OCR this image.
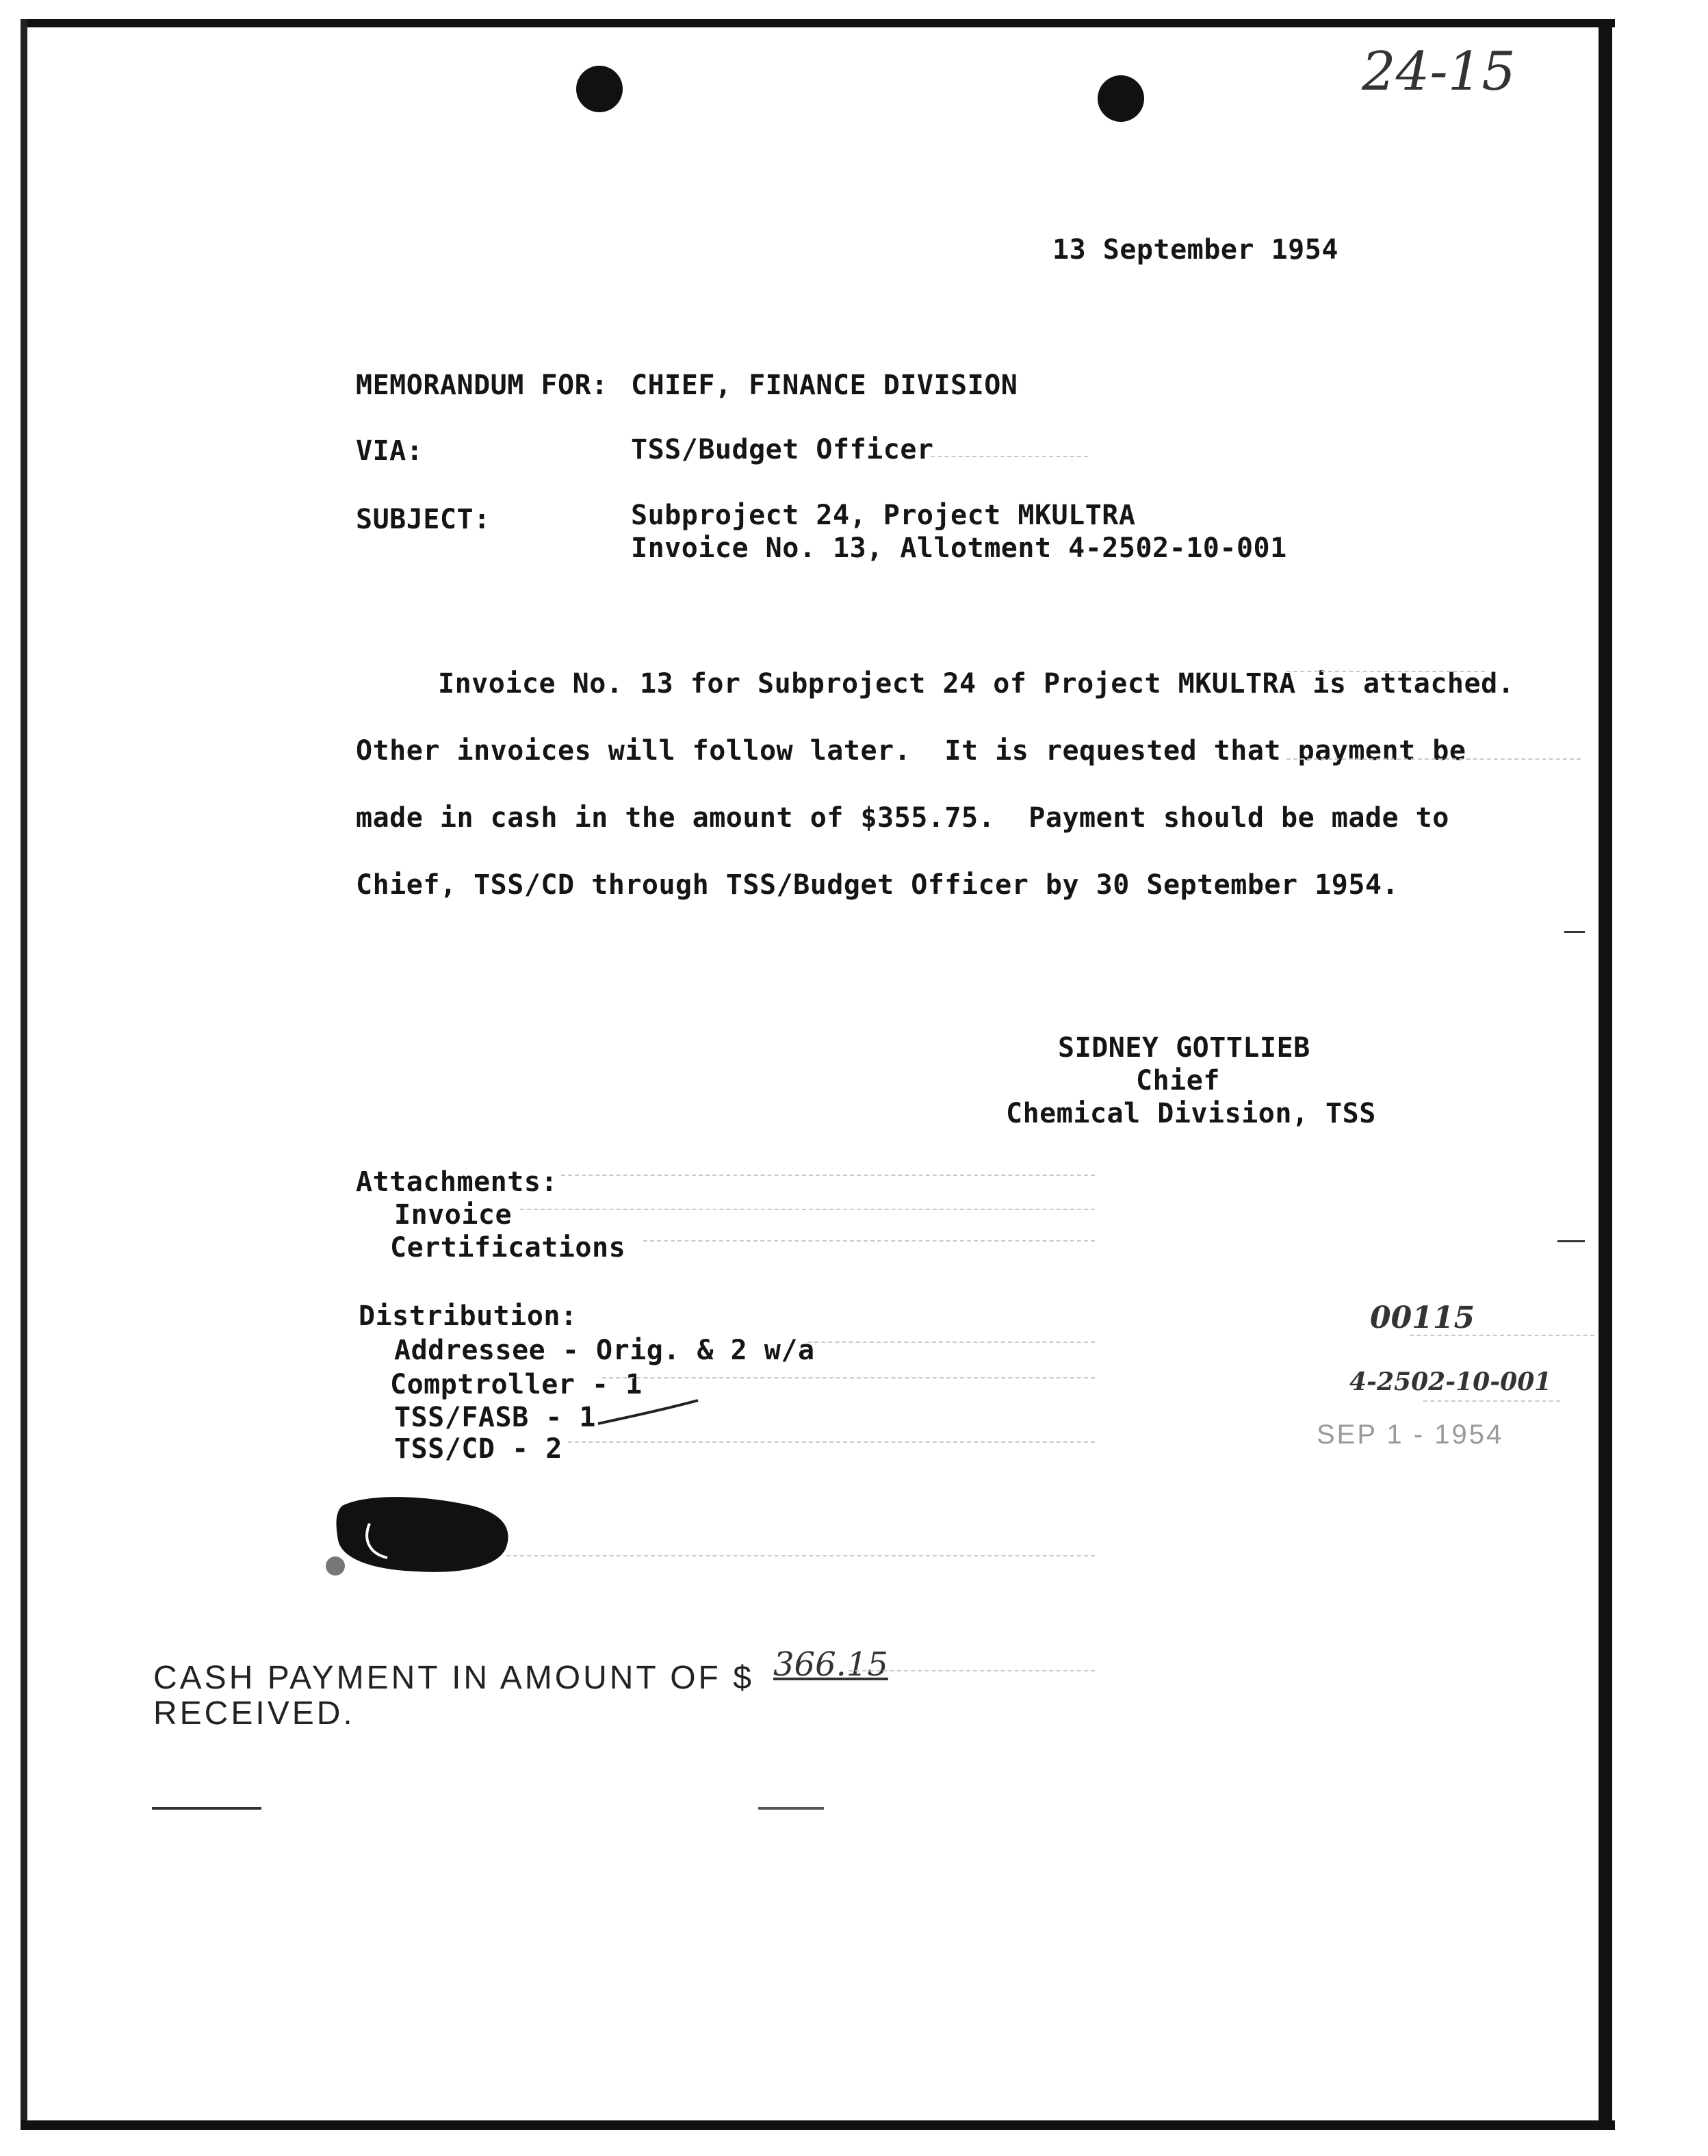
24-15
13 September 1954
MEMORANDUM FOR: CHIEF, FINANCE DIVISION
VIA:	TSS/Budget Officer
SUBJECT:	Subproject 24, Project MKULTRA
Invoice No. 13, Allotment 4-2502-10-001
Invoice No. 13 for Subproject 24 of Project MKULTRA is attached.
Other invoices will follow later.  It is requested that payment be
made in cash in the amount of $355.75.  Payment should be made to
Chief, TSS/CD through TSS/Budget Officer by 30 September 1954.
SIDNEY GOTTLIEB
Chief
Chemical Division, TSS
Attachments:
Invoice
Certifications
Distribution:
Addressee - Orig. & 2 w/a
Comptroller - 1
TSS/FASB - 1
TSS/CD - 2
CASH PAYMENT IN AMOUNT OF $ 366.15
RECEIVED.
00115
4-2502-10-001
SEP 1 - 1954
